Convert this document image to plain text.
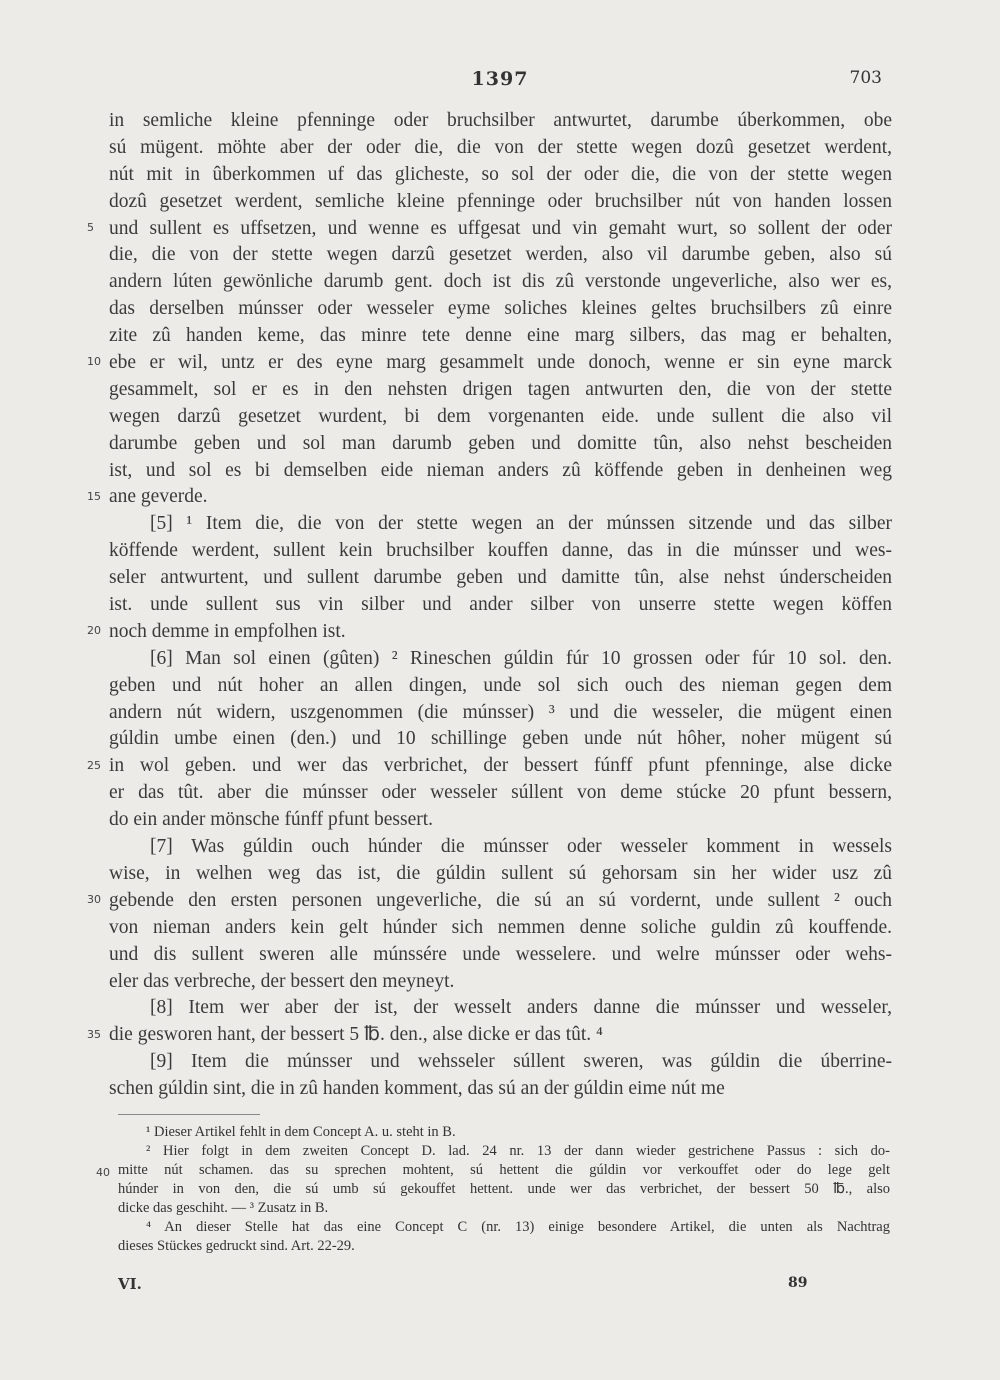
1397	703
in semliche kleine pfenninge oder bruchsilber antwurtet, darumbe úberkommen, obe
sú mügent. möhte aber der oder die, die von der stette wegen dozû gesetzet werdent,
nút mit in ûberkommen uf das glicheste, so sol der oder die, die von der stette wegen
dozû gesetzet werdent, semliche kleine pfenninge oder bruchsilber nút von handen lossen
und sullent es uffsetzen, und wenne es uffgesat und vin gemaht wurt, so sollent der oder
5
die, die von der stette wegen darzû gesetzet werden, also vil darumbe geben, also sú
andern lúten gewönliche darumb gent. doch ist dis zû verstonde ungeverliche, also wer es,
das derselben múnsser oder wesseler eyme soliches kleines geltes bruchsilbers zû einre
zite zû handen keme, das minre tete denne eine marg silbers, das mag er behalten,
ebe er wil, untz er des eyne marg gesammelt unde donoch, wenne er sin eyne marck
10
gesammelt, sol er es in den nehsten drigen tagen antwurten den, die von der stette
wegen darzû gesetzet wurdent, bi dem vorgenanten eide. unde sullent die also vil
darumbe geben und sol man darumb geben und domitte tûn, also nehst bescheiden
ist, und sol es bi demselben eide nieman anders zû köffende geben in denheinen weg
ane geverde.
15
[5] ¹ Item die, die von der stette wegen an der múnssen sitzende und das silber
köffende werdent, sullent kein bruchsilber kouffen danne, das in die múnsser und wes-
seler antwurtent, und sullent darumbe geben und damitte tûn, alse nehst únderscheiden
ist. unde sullent sus vin silber und ander silber von unserre stette wegen köffen
noch demme in empfolhen ist.
20
[6] Man sol einen (gûten) ² Rineschen gúldin fúr 10 grossen oder fúr 10 sol. den.
geben und nút hoher an allen dingen, unde sol sich ouch des nieman gegen dem
andern nút widern, uszgenommen (die múnsser) ³ und die wesseler, die mügent einen
gúldin umbe einen (den.) und 10 schillinge geben unde nút hôher, noher mügent sú
in wol geben. und wer das verbrichet, der bessert fúnff pfunt pfenninge, alse dicke
25
er das tût. aber die múnsser oder wesseler súllent von deme stúcke 20 pfunt bessern,
do ein ander mönsche fúnff pfunt bessert.
[7] Was gúldin ouch húnder die múnsser oder wesseler komment in wessels
wise, in welhen weg das ist, die gúldin sullent sú gehorsam sin her wider usz zû
gebende den ersten personen ungeverliche, die sú an sú vordernt, unde sullent ² ouch
30
von nieman anders kein gelt húnder sich nemmen denne soliche guldin zû kouffende.
und dis sullent sweren alle múnssére unde wesselere. und welre múnsser oder wehs-
eler das verbreche, der bessert den meyneyt.
[8] Item wer aber der ist, der wesselt anders danne die múnsser und wesseler,
die gesworen hant, der bessert 5 ℔. den., alse dicke er das tût. ⁴
35
[9] Item die múnsser und wehsseler súllent sweren, was gúldin die úberrine-
schen gúldin sint, die in zû handen komment, das sú an der gúldin eime nút me
¹ Dieser Artikel fehlt in dem Concept A. u. steht in B.
² Hier folgt in dem zweiten Concept D. lad. 24 nr. 13 der dann wieder gestrichene Passus : sich do-
mitte nút schamen. das su sprechen mohtent, sú hettent die gúldin vor verkouffet oder do lege gelt
40
húnder in von den, die sú umb sú gekouffet hettent. unde wer das verbrichet, der bessert 50 ℔., also
dicke das geschiht. — ³ Zusatz in B.
⁴ An dieser Stelle hat das eine Concept C (nr. 13) einige besondere Artikel, die unten als Nachtrag
dieses Stückes gedruckt sind. Art. 22-29.
VI.	89
